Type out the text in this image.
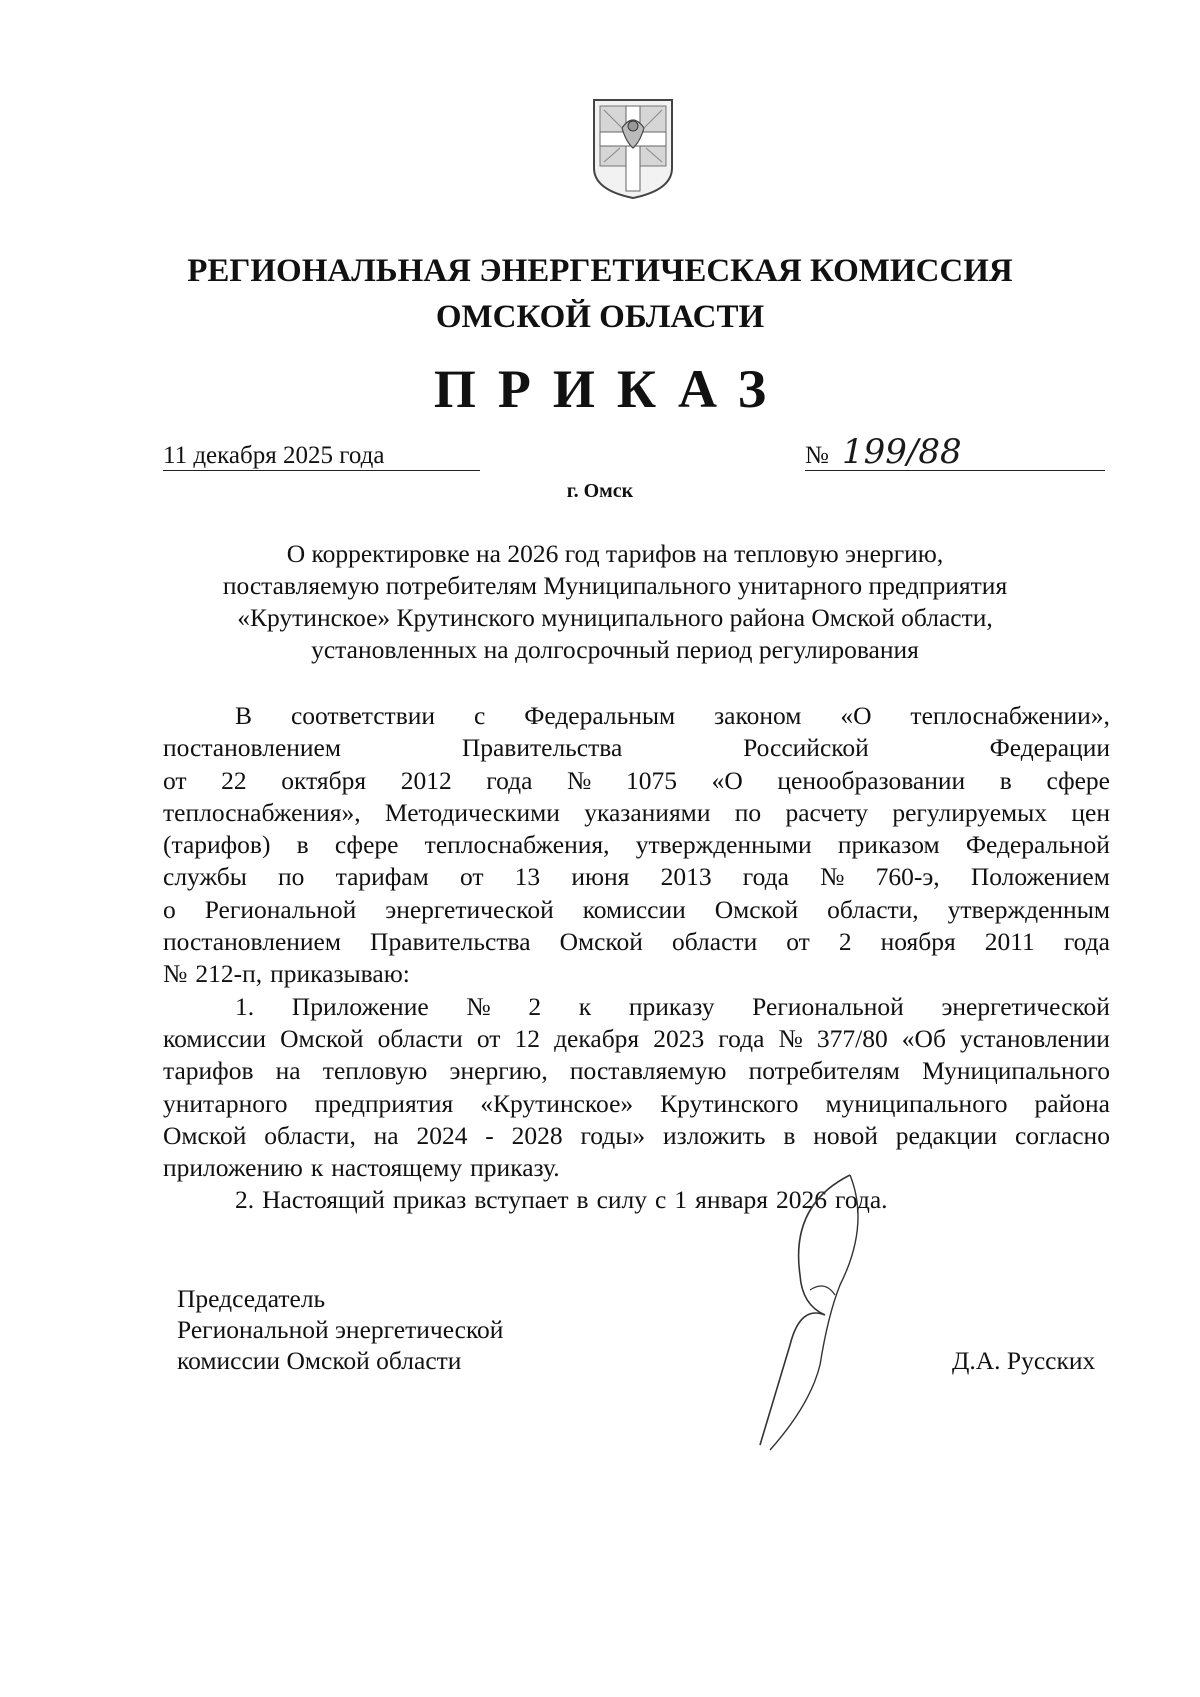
РЕГИОНАЛЬНАЯ ЭНЕРГЕТИЧЕСКАЯ КОМИССИЯ
ОМСКОЙ ОБЛАСТИ
ПРИКАЗ
11 декабря 2025 года	№ 199/88
г. Омск
О корректировке на 2026 год тарифов на тепловую энергию,
поставляемую потребителям Муниципального унитарного предприятия
«Крутинское» Крутинского муниципального района Омской области,
установленных на долгосрочный период регулирования
В соответствии с Федеральным законом «О теплоснабжении»,
постановлением	Правительства	Российской	Федерации
от 22 октября 2012 года № 1075 «О ценообразовании в сфере
теплоснабжения», Методическими указаниями по расчету регулируемых цен
(тарифов) в сфере теплоснабжения, утвержденными приказом Федеральной
службы по тарифам от 13 июня 2013 года № 760-э, Положением
о Региональной энергетической комиссии Омской области, утвержденным
постановлением Правительства Омской области от 2 ноября 2011 года
№ 212-п, приказываю:
1. Приложение № 2 к приказу Региональной энергетической
комиссии Омской области от 12 декабря 2023 года № 377/80 «Об установлении
тарифов на тепловую энергию, поставляемую потребителям Муниципального
унитарного предприятия «Крутинское» Крутинского муниципального района
Омской области, на 2024 - 2028 годы» изложить в новой редакции согласно
приложению к настоящему приказу.
2. Настоящий приказ вступает в силу с 1 января 2026 года.
Председатель
Региональной энергетической
комиссии Омской области	Д.А. Русских
